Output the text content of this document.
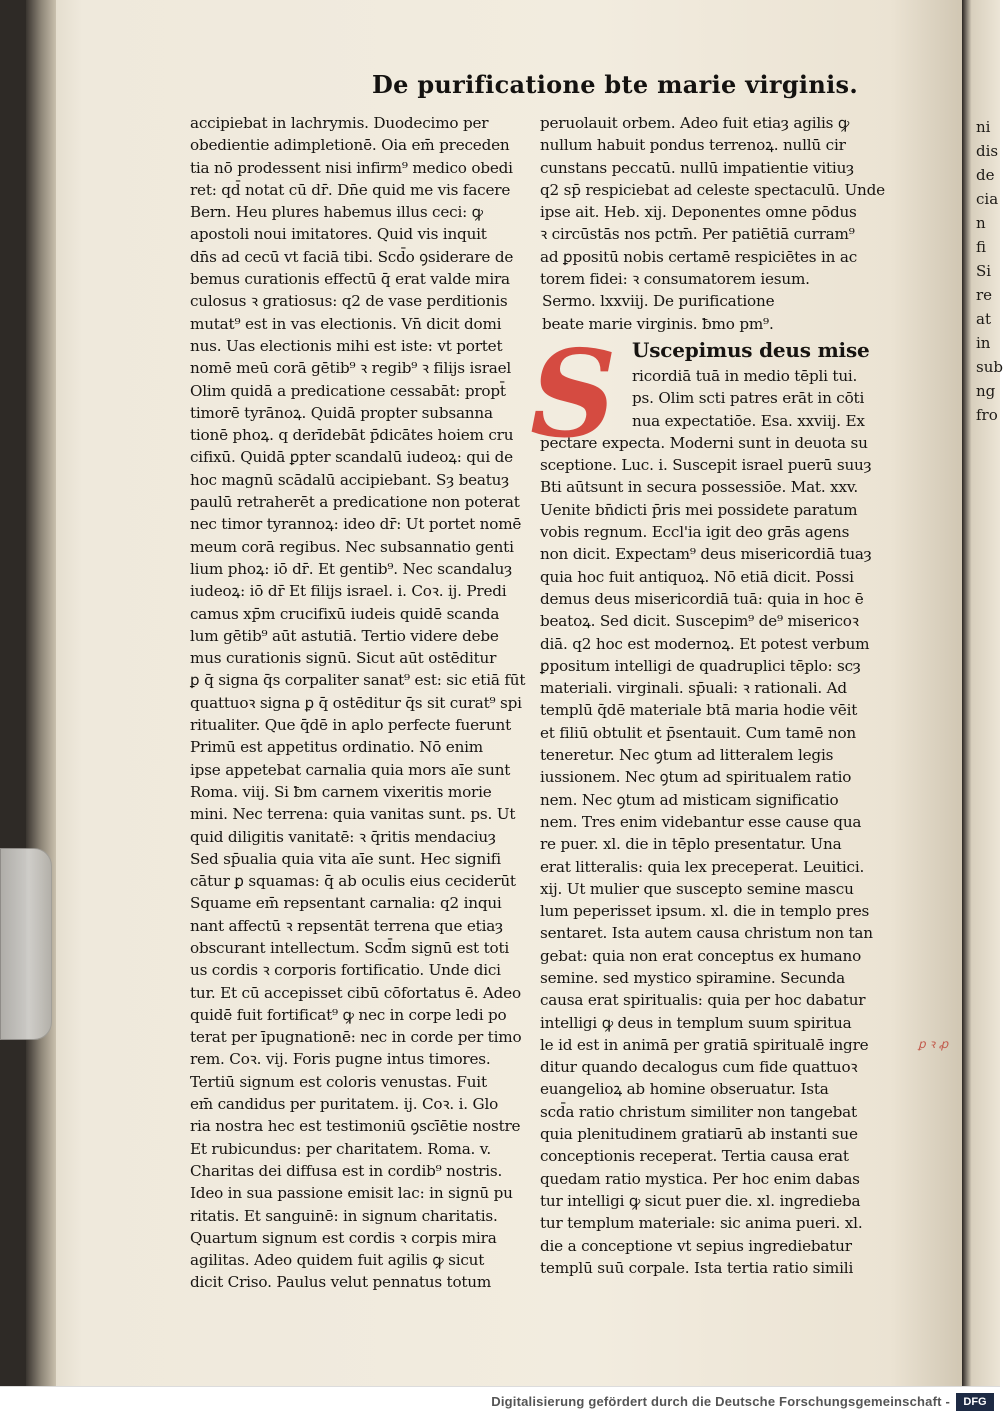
ni
dis
de
cia
n
fi
Si
re
at
in
sub
ng
fro
De purificatione bte marie virginis.
accipiebat in lachrymis. Duodecimo per
obedientie adimpletionē. Oia em̄ preceden
tia nō prodessent nisi infirm⁹ medico obedi
ret: qd̄ notat cū dr̄. Dn̄e quid me vis facere
Bern. Heu plures habemus illus ceci: ꝙ
apostoli noui imitatores. Quid vis inquit
dn̄s ad cecū vt faciā tibi. Scd̄o ꝯsiderare de
bemus curationis effectū q̄ erat valde mira
culosus ꝛ gratiosus: q2 de vase perditionis
mutat⁹ est in vas electionis. Vn̄ dicit domi
nus. Uas electionis mihi est iste: vt portet
nomē meū corā gētib⁹ ꝛ regib⁹ ꝛ filijs israel
Olim quidā a predicatione cessabāt: propt̄
timorē tyrānoꝝ. Quidā propter subsanna
tionē phoꝝ. q derīdebāt p̄dicātes hoiem cru
cifixū. Quidā ꝑpter scandalū iudeoꝝ: qui de
hoc magnū scādalū accipiebant. Sȝ beatuȝ
paulū retraherēt a predicatione non poterat
nec timor tyrannoꝝ: ideo dr̄: Ut portet nomē
meum corā regibus. Nec subsannatio genti
lium phoꝝ: iō dr̄. Et gentib⁹. Nec scandaluȝ
iudeoꝝ: iō dr̄ Et filijs israel. i. Coꝛ. ij. Predi
camus xp̄m crucifixū iudeis quidē scanda
lum gētib⁹ aūt astutiā. Tertio videre debe
mus curationis signū. Sicut aūt ostēditur
ꝑ q̄ signa q̄s corpaliter sanat⁹ est: sic etiā fūt
quattuoꝛ signa ꝑ q̄ ostēditur q̄s sit curat⁹ spi
ritualiter. Que q̄dē in aplo perfecte fuerunt
Primū est appetitus ordinatio. Nō enim
ipse appetebat carnalia quia mors aīe sunt
Roma. viij. Si ƀm carnem vixeritis morie
mini. Nec terrena: quia vanitas sunt. ps. Ut
quid diligitis vanitatē: ꝛ q̄ritis mendaciuȝ
Sed sp̄ualia quia vita aīe sunt. Hec signifi
cātur ꝑ squamas: q̄ ab oculis eius ceciderūt
Squame em̄ repsentant carnalia: q2 inqui
nant affectū ꝛ repsentāt terrena que etiaȝ
obscurant intellectum. Scd̄m signū est toti
us cordis ꝛ corporis fortificatio. Unde dici
tur. Et cū accepisset cibū cōfortatus ē. Adeo
quidē fuit fortificat⁹ ꝙ nec in corpe ledi po
terat per īpugnationē: nec in corde per timo
rem. Coꝛ. vij. Foris pugne intus timores.
Tertiū signum est coloris venustas. Fuit
em̄ candidus per puritatem. ij. Coꝛ. i. Glo
ria nostra hec est testimoniū ꝯscīētie nostre
Et rubicundus: per charitatem. Roma. v.
Charitas dei diffusa est in cordib⁹ nostris.
Ideo in sua passione emisit lac: in signū pu
ritatis. Et sanguinē: in signum charitatis.
Quartum signum est cordis ꝛ corpis mira
agilitas. Adeo quidem fuit agilis ꝙ sicut
dicit Criso. Paulus velut pennatus totum
peruolauit orbem. Adeo fuit etiaȝ agilis ꝙ
nullum habuit pondus terrenoꝝ. nullū cir
cunstans peccatū. nullū impatientie vitiuȝ
q2 sp̄ respiciebat ad celeste spectaculū. Unde
ipse ait. Heb. xij. Deponentes omne pōdus
ꝛ circūstās nos pctm̄. Per patiētiā curram⁹
ad ꝑpositū nobis certamē respiciētes in ac
torem fidei: ꝛ consumatorem iesum.
Sermo. lxxviij. De purificatione
beate marie virginis. ƀmo pm⁹.
S Uscepimus deus mise
ricordiā tuā in medio tēpli tui.
ps. Olim scti patres erāt in cōti
nua expectatiōe. Esa. xxviij. Ex
pectare expecta. Moderni sunt in deuota su
sceptione. Luc. i. Suscepit israel puerū suuȝ
Bti aūtsunt in secura possessiōe. Mat. xxv.
Uenite bn̄dicti p̄ris mei possidete paratum
vobis regnum. Eccl'ia igit deo grās agens
non dicit. Expectam⁹ deus misericordiā tuaȝ
quia hoc fuit antiquoꝝ. Nō etiā dicit. Possi
demus deus misericordiā tuā: quia in hoc ē
beatoꝝ. Sed dicit. Suscepim⁹ de⁹ misericoꝛ
diā. q2 hoc est modernoꝝ. Et potest verbum
ꝑpositum intelligi de quadruplici tēplo: scȝ
materiali. virginali. sp̄uali: ꝛ rationali. Ad
templū q̄dē materiale btā maria hodie vēit
et filiū obtulit et p̄sentauit. Cum tamē non
teneretur. Nec ꝯtum ad litteralem legis
iussionem. Nec ꝯtum ad spiritualem ratio
nem. Nec ꝯtum ad misticam significatio
nem. Tres enim videbantur esse cause qua
re puer. xl. die in tēplo presentatur. Una
erat litteralis: quia lex preceperat. Leuitici.
xij. Ut mulier que suscepto semine mascu
lum peperisset ipsum. xl. die in templo pres
sentaret. Ista autem causa christum non tan
gebat: quia non erat conceptus ex humano
semine. sed mystico spiramine. Secunda
causa erat spiritualis: quia per hoc dabatur
intelligi ꝙ deus in templum suum spiritua
le id est in animā per gratiā spiritualē ingre
ditur quando decalogus cum fide quattuoꝛ
euangelioꝝ ab homine obseruatur. Ista
scd̄a ratio christum similiter non tangebat
quia plenitudinem gratiarū ab instanti sue
conceptionis receperat. Tertia causa erat
quedam ratio mystica. Per hoc enim dabas
tur intelligi ꝙ sicut puer die. xl. ingredieba
tur templum materiale: sic anima pueri. xl.
die a conceptione vt sepius ingrediebatur
templū suū corpale. Ista tertia ratio simili
ꝑ ꝛ ꝓ
Digitalisierung gefördert durch die Deutsche Forschungsgemeinschaft -	DFG
